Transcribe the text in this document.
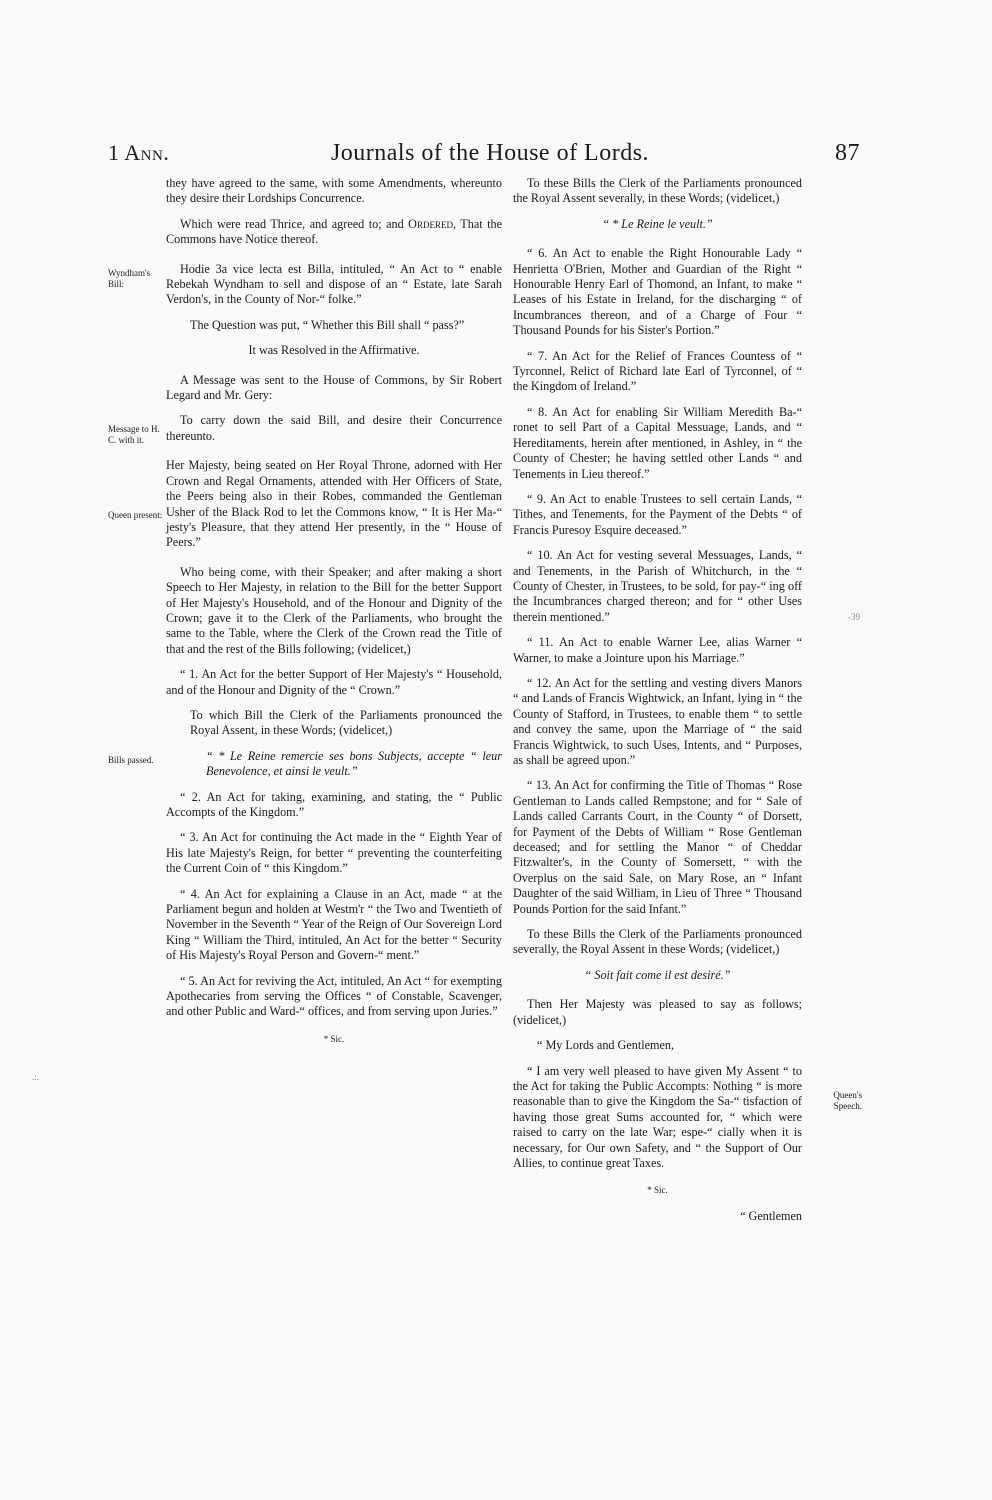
1 Ann.	Journals of the House of Lords.	87
Wyndham's Bill:
Message to H. C. with it.
Queen present:
Bills passed.
Queen's Speech.
-39
.:.

they have agreed to the same, with some Amendments, whereunto they desire their Lordships Concurrence.

Which were read Thrice, and agreed to; and Ordered, That the Commons have Notice thereof.

Hodie 3a vice lecta est Billa, intituled, “ An Act to “ enable Rebekah Wyndham to sell and dispose of an “ Estate, late Sarah Verdon's, in the County of Nor-“ folke.”

The Question was put, “ Whether this Bill shall “ pass?”

It was Resolved in the Affirmative.

A Message was sent to the House of Commons, by Sir Robert Legard and Mr. Gery:

To carry down the said Bill, and desire their Concurrence thereunto.

Her Majesty, being seated on Her Royal Throne, adorned with Her Crown and Regal Ornaments, attended with Her Officers of State, the Peers being also in their Robes, commanded the Gentleman Usher of the Black Rod to let the Commons know, “ It is Her Ma-“ jesty's Pleasure, that they attend Her presently, in the “ House of Peers.”

Who being come, with their Speaker; and after making a short Speech to Her Majesty, in relation to the Bill for the better Support of Her Majesty's Household, and of the Honour and Dignity of the Crown; gave it to the Clerk of the Parliaments, who brought the same to the Table, where the Clerk of the Crown read the Title of that and the rest of the Bills following; (videlicet,)

“ 1. An Act for the better Support of Her Majesty's “ Household, and of the Honour and Dignity of the “ Crown.”

To which Bill the Clerk of the Parliaments pronounced the Royal Assent, in these Words; (videlicet,)

“ * Le Reine remercie ses bons Subjects, accepte “ leur Benevolence, et ainsi le veult.”

“ 2. An Act for taking, examining, and stating, the “ Public Accompts of the Kingdom.”

“ 3. An Act for continuing the Act made in the “ Eighth Year of His late Majesty's Reign, for better “ preventing the counterfeiting the Current Coin of “ this Kingdom.”

“ 4. An Act for explaining a Clause in an Act, made “ at the Parliament begun and holden at Westm'r “ the Two and Twentieth of November in the Seventh “ Year of the Reign of Our Sovereign Lord King “ William the Third, intituled, An Act for the better “ Security of His Majesty's Royal Person and Govern-“ ment.”

“ 5. An Act for reviving the Act, intituled, An Act “ for exempting Apothecaries from serving the Offices “ of Constable, Scavenger, and other Public and Ward-“ offices, and from serving upon Juries.”

* Sic.

To these Bills the Clerk of the Parliaments pronounced the Royal Assent severally, in these Words; (videlicet,)

“ * Le Reine le veult.”

“ 6. An Act to enable the Right Honourable Lady “ Henrietta O'Brien, Mother and Guardian of the Right “ Honourable Henry Earl of Thomond, an Infant, to make “ Leases of his Estate in Ireland, for the discharging “ of Incumbrances thereon, and of a Charge of Four “ Thousand Pounds for his Sister's Portion.”

“ 7. An Act for the Relief of Frances Countess of “ Tyrconnel, Relict of Richard late Earl of Tyrconnel, of “ the Kingdom of Ireland.”

“ 8. An Act for enabling Sir William Meredith Ba-“ ronet to sell Part of a Capital Messuage, Lands, and “ Hereditaments, herein after mentioned, in Ashley, in “ the County of Chester; he having settled other Lands “ and Tenements in Lieu thereof.”

“ 9. An Act to enable Trustees to sell certain Lands, “ Tithes, and Tenements, for the Payment of the Debts “ of Francis Puresoy Esquire deceased.”

“ 10. An Act for vesting several Messuages, Lands, “ and Tenements, in the Parish of Whitchurch, in the “ County of Chester, in Trustees, to be sold, for pay-“ ing off the Incumbrances charged thereon; and for “ other Uses therein mentioned.”

“ 11. An Act to enable Warner Lee, alias Warner “ Warner, to make a Jointure upon his Marriage.”

“ 12. An Act for the settling and vesting divers Manors “ and Lands of Francis Wightwick, an Infant, lying in “ the County of Stafford, in Trustees, to enable them “ to settle and convey the same, upon the Marriage of “ the said Francis Wightwick, to such Uses, Intents, and “ Purposes, as shall be agreed upon.”

“ 13. An Act for confirming the Title of Thomas “ Rose Gentleman to Lands called Rempstone; and for “ Sale of Lands called Carrants Court, in the County “ of Dorsett, for Payment of the Debts of William “ Rose Gentleman deceased; and for settling the Manor “ of Cheddar Fitzwalter's, in the County of Somersett, “ with the Overplus on the said Sale, on Mary Rose, an “ Infant Daughter of the said William, in Lieu of Three “ Thousand Pounds Portion for the said Infant.”

To these Bills the Clerk of the Parliaments pronounced severally, the Royal Assent in these Words; (videlicet,)

“ Soit fait come il est desiré.”

Then Her Majesty was pleased to say as follows; (videlicet,)

“ My Lords and Gentlemen,

“ I am very well pleased to have given My Assent “ to the Act for taking the Public Accompts: Nothing “ is more reasonable than to give the Kingdom the Sa-“ tisfaction of having those great Sums accounted for, “ which were raised to carry on the late War; espe-“ cially when it is necessary, for Our own Safety, and “ the Support of Our Allies, to continue great Taxes.

* Sic.

“ Gentlemen
